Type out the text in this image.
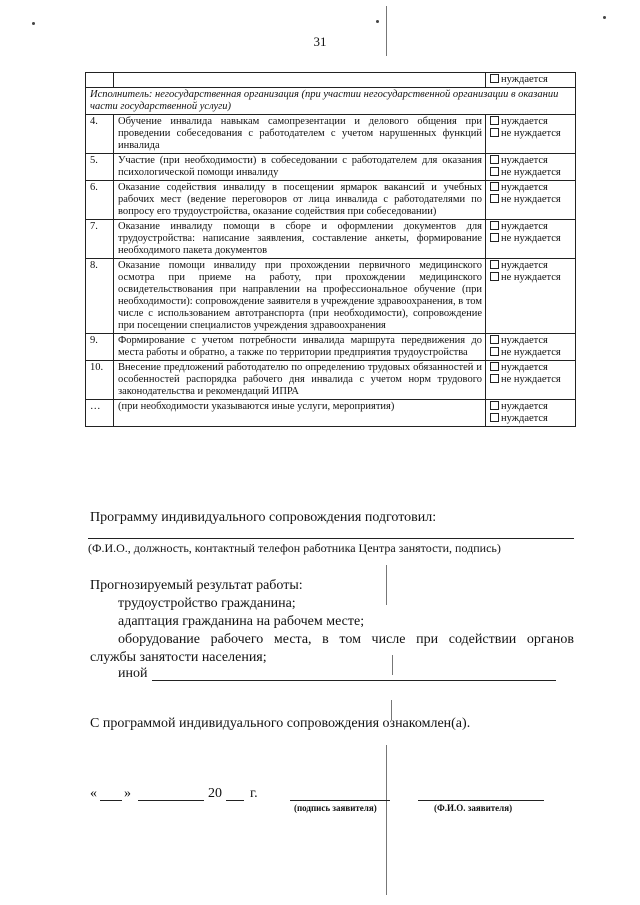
31
		нуждается
Исполнитель: негосударственная организация (при участии негосударственной организации в оказании части государственной услуги)		
4.	Обучение инвалида навыкам самопрезентации и делового общения при проведении собеседования с работодателем с учетом нарушенных функций инвалида	нуждается
не нуждается

5.	Участие (при необходимости) в собеседовании с работодателем для оказания психологической помощи инвалиду	нуждается
не нуждается

6.	Оказание содействия инвалиду в посещении ярмарок вакансий и учебных рабочих мест (ведение переговоров от лица инвалида с работодателями по вопросу его трудоустройства, оказание содействия при собеседовании)	нуждается
не нуждается

7.	Оказание инвалиду помощи в сборе и оформлении документов для трудоустройства: написание заявления, составление анкеты, формирование необходимого пакета документов	нуждается
не нуждается

8.	Оказание помощи инвалиду при прохождении первичного медицинского осмотра при приеме на работу, при прохождении медицинского освидетельствования при направлении на профессиональное обучение (при необходимости): сопровождение заявителя в учреждение здравоохранения, в том числе с использованием автотранспорта (при необходимости), сопровождение при посещении специалистов учреждения здравоохранения	нуждается
не нуждается

9.	Формирование с учетом потребности инвалида маршрута передвижения до места работы и обратно, а также по территории предприятия трудоустройства	нуждается
не нуждается

10.	Внесение предложений работодателю по определению трудовых обязанностей и особенностей распорядка рабочего дня инвалида с учетом норм трудового законодательства и рекомендаций ИПРА	нуждается
не нуждается

…	(при необходимости указываются иные услуги, мероприятия)	нуждается
нуждается
Программу индивидуального сопровождения подготовил:
(Ф.И.О., должность, контактный телефон работника Центра занятости, подпись)
Прогнозируемый результат работы:
трудоустройство гражданина;
адаптация гражданина на рабочем месте;
оборудование рабочего места, в том числе при содействии органов
службы занятости населения;
иной
С программой индивидуального сопровождения ознакомлен(а).
« »	20 г.
(подпись заявителя)	(Ф.И.О. заявителя)
